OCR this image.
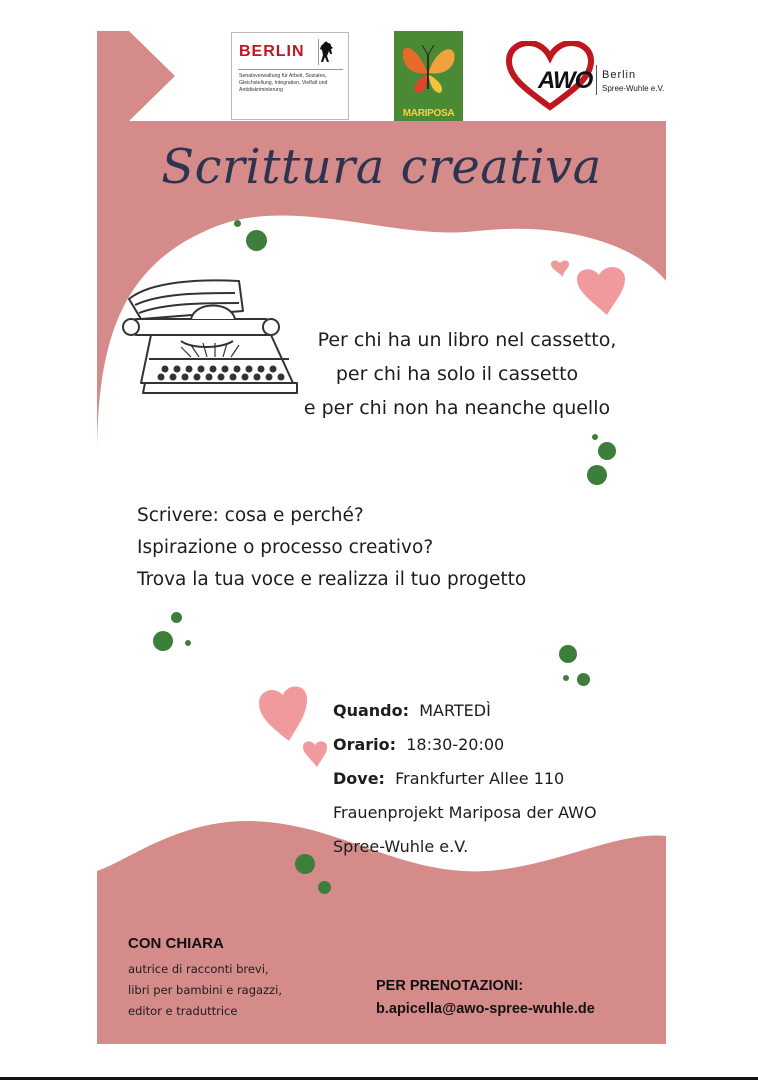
BERLIN
Senatsverwaltung für Arbeit, Soziales, Gleichstellung, Integration, Vielfalt und Antidiskriminierung
MARIPOSA
AWO Berlin
Spree-Wuhle e.V.
Scrittura creativa
Per chi ha un libro nel cassetto,
per chi ha solo il cassetto
e per chi non ha neanche quello
Scrivere: cosa e perché?
Ispirazione o processo creativo?
Trova la tua voce e realizza il tuo progetto
Quando: MARTEDÌ
Orario: 18:30-20:00
Dove: Frankfurter Allee 110
Frauenprojekt Mariposa der AWO
Spree-Wuhle e.V.
CON CHIARA
autrice di racconti brevi,
libri per bambini e ragazzi,
editor e traduttrice
PER PRENOTAZIONI:
b.apicella@awo-spree-wuhle.de
